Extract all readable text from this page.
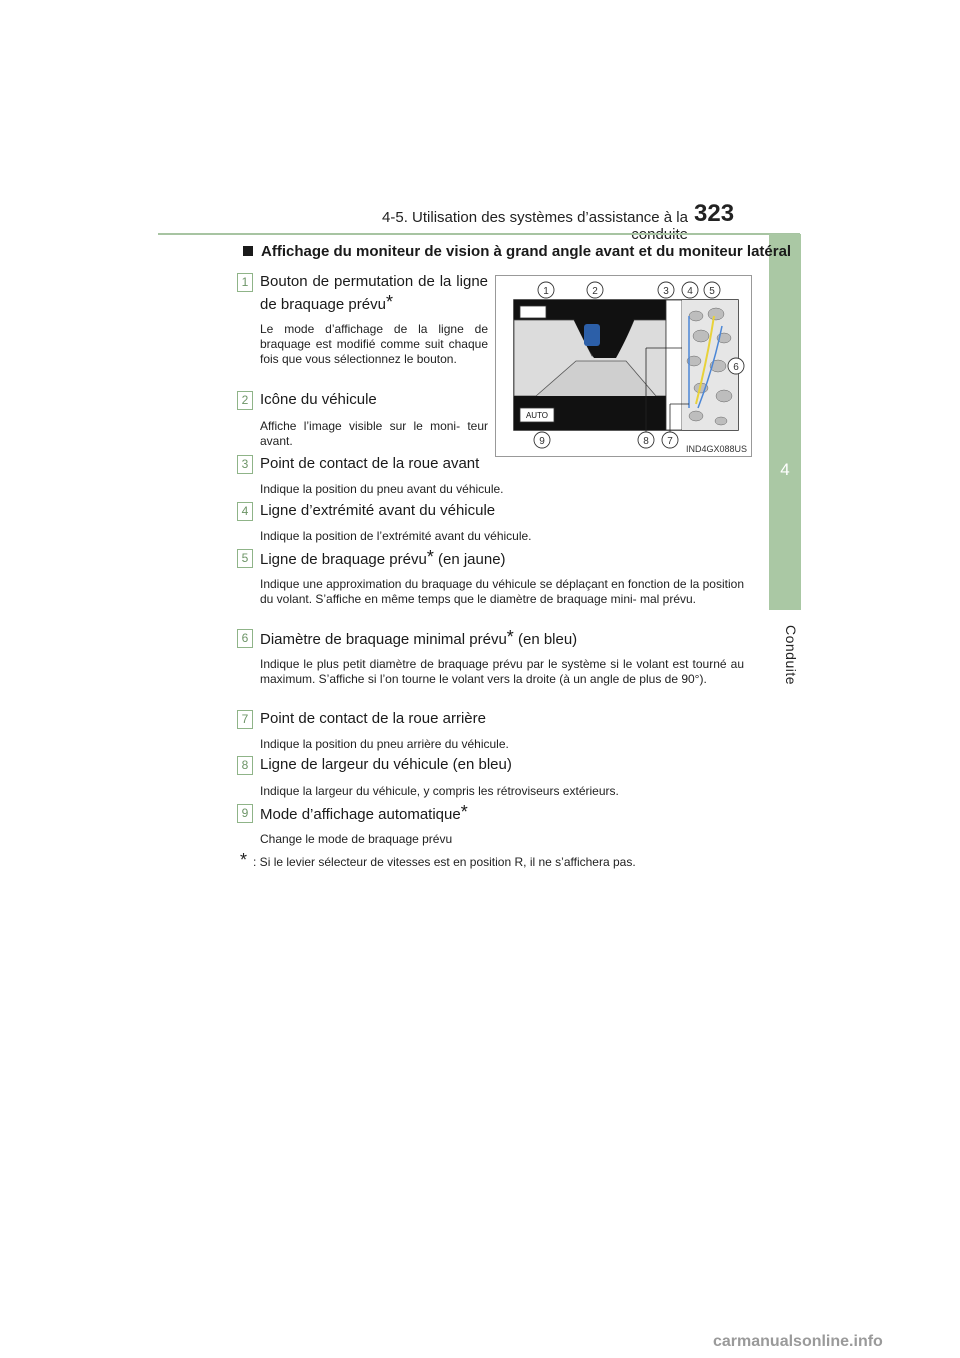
4-5. Utilisation des systèmes d’assistance à la 323
4
Conduite
Affichage du moniteur de vision à grand angle avant et du moniteur latéral
AUTO
1	2	3 4 5
6
7
8
9
IND4GX088US
1 Bouton de permutation de la ligne de braquage prévu*
Le mode d’affichage de la ligne de braquage est modifié comme suit chaque fois que vous sélectionnez le bouton.
2 Icône du véhicule
Affiche l’image visible sur le moni- teur avant.
3 Point de contact de la roue avant
Indique la position du pneu avant du véhicule.
4 Ligne d’extrémité avant du véhicule
Indique la position de l’extrémité avant du véhicule.
5 Ligne de braquage prévu* (en jaune)
Indique une approximation du braquage du véhicule se déplaçant en fonction de la position du volant. S’affiche en même temps que le diamètre de braquage mini- mal prévu.
6 Diamètre de braquage minimal prévu* (en bleu)
Indique le plus petit diamètre de braquage prévu par le système si le volant est tourné au maximum. S’affiche si l’on tourne le volant vers la droite (à un angle de plus de 90°).
7 Point de contact de la roue arrière
Indique la position du pneu arrière du véhicule.
8 Ligne de largeur du véhicule (en bleu)
Indique la largeur du véhicule, y compris les rétroviseurs extérieurs.
9 Mode d’affichage automatique*
Change le mode de braquage prévu
* : Si le levier sélecteur de vitesses est en position R, il ne s’affichera pas.
carmanualsonline.info
